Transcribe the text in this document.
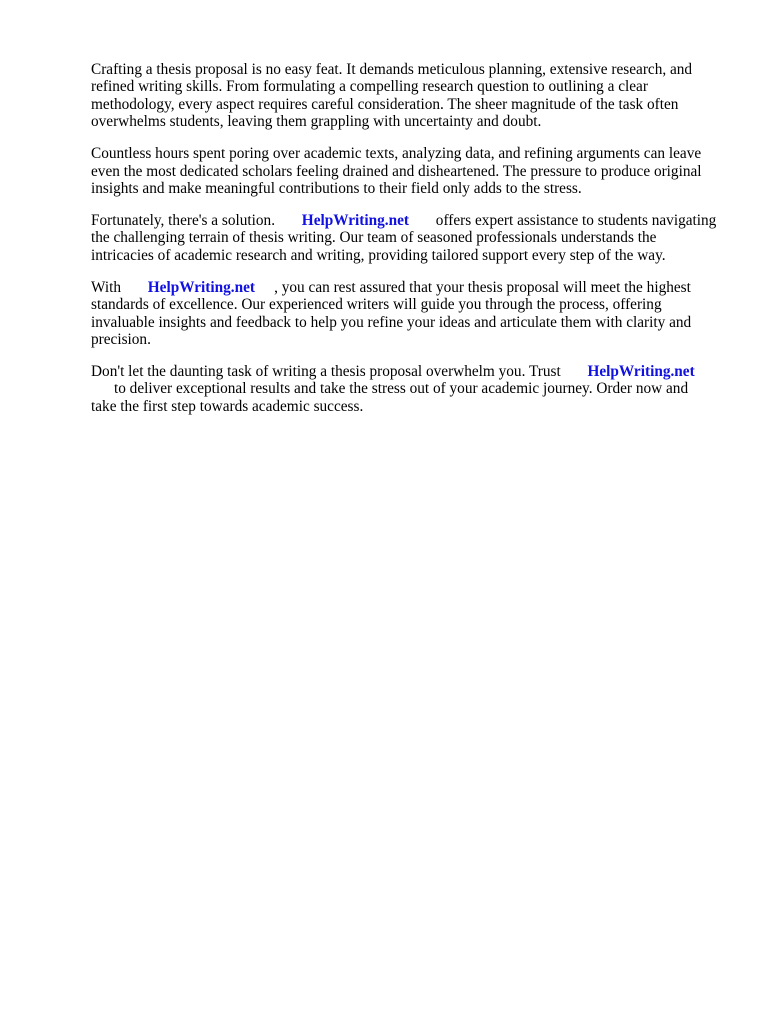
Crafting a thesis proposal is no easy feat. It demands meticulous planning, extensive research, and
refined writing skills. From formulating a compelling research question to outlining a clear
methodology, every aspect requires careful consideration. The sheer magnitude of the task often
overwhelms students, leaving them grappling with uncertainty and doubt.

Countless hours spent poring over academic texts, analyzing data, and refining arguments can leave
even the most dedicated scholars feeling drained and disheartened. The pressure to produce original
insights and make meaningful contributions to their field only adds to the stress.

Fortunately, there's a solution.       HelpWriting.net       offers expert assistance to students navigating
the challenging terrain of thesis writing. Our team of seasoned professionals understands the
intricacies of academic research and writing, providing tailored support every step of the way.

With       HelpWriting.net     , you can rest assured that your thesis proposal will meet the highest
standards of excellence. Our experienced writers will guide you through the process, offering
invaluable insights and feedback to help you refine your ideas and articulate them with clarity and
precision.

Don't let the daunting task of writing a thesis proposal overwhelm you. Trust       HelpWriting.net
to deliver exceptional results and take the stress out of your academic journey. Order now and
take the first step towards academic success.
